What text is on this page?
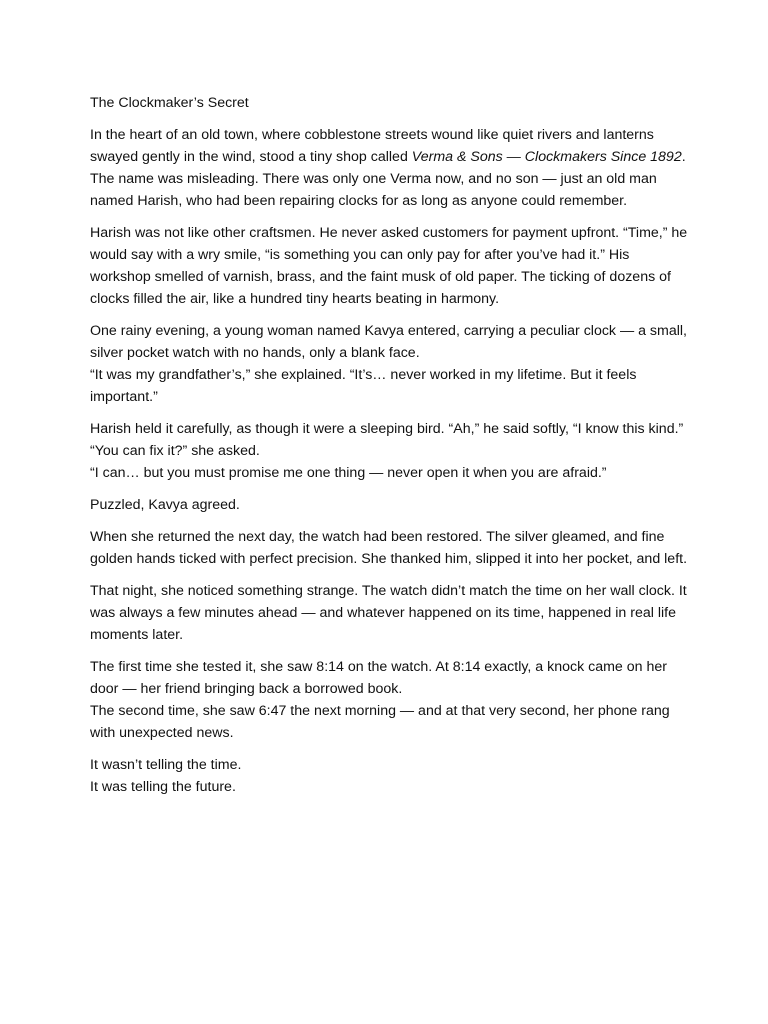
The Clockmaker’s Secret
In the heart of an old town, where cobblestone streets wound like quiet rivers and lanterns swayed gently in the wind, stood a tiny shop called Verma & Sons — Clockmakers Since 1892.
The name was misleading. There was only one Verma now, and no son — just an old man named Harish, who had been repairing clocks for as long as anyone could remember.
Harish was not like other craftsmen. He never asked customers for payment upfront. “Time,” he would say with a wry smile, “is something you can only pay for after you’ve had it.” His workshop smelled of varnish, brass, and the faint musk of old paper. The ticking of dozens of clocks filled the air, like a hundred tiny hearts beating in harmony.
One rainy evening, a young woman named Kavya entered, carrying a peculiar clock — a small, silver pocket watch with no hands, only a blank face.
“It was my grandfather’s,” she explained. “It’s… never worked in my lifetime. But it feels important.”
Harish held it carefully, as though it were a sleeping bird. “Ah,” he said softly, “I know this kind.”
“You can fix it?” she asked.
“I can… but you must promise me one thing — never open it when you are afraid.”
Puzzled, Kavya agreed.
When she returned the next day, the watch had been restored. The silver gleamed, and fine golden hands ticked with perfect precision. She thanked him, slipped it into her pocket, and left.
That night, she noticed something strange. The watch didn’t match the time on her wall clock. It was always a few minutes ahead — and whatever happened on its time, happened in real life moments later.
The first time she tested it, she saw 8:14 on the watch. At 8:14 exactly, a knock came on her door — her friend bringing back a borrowed book.
The second time, she saw 6:47 the next morning — and at that very second, her phone rang with unexpected news.
It wasn’t telling the time.
It was telling the future.
